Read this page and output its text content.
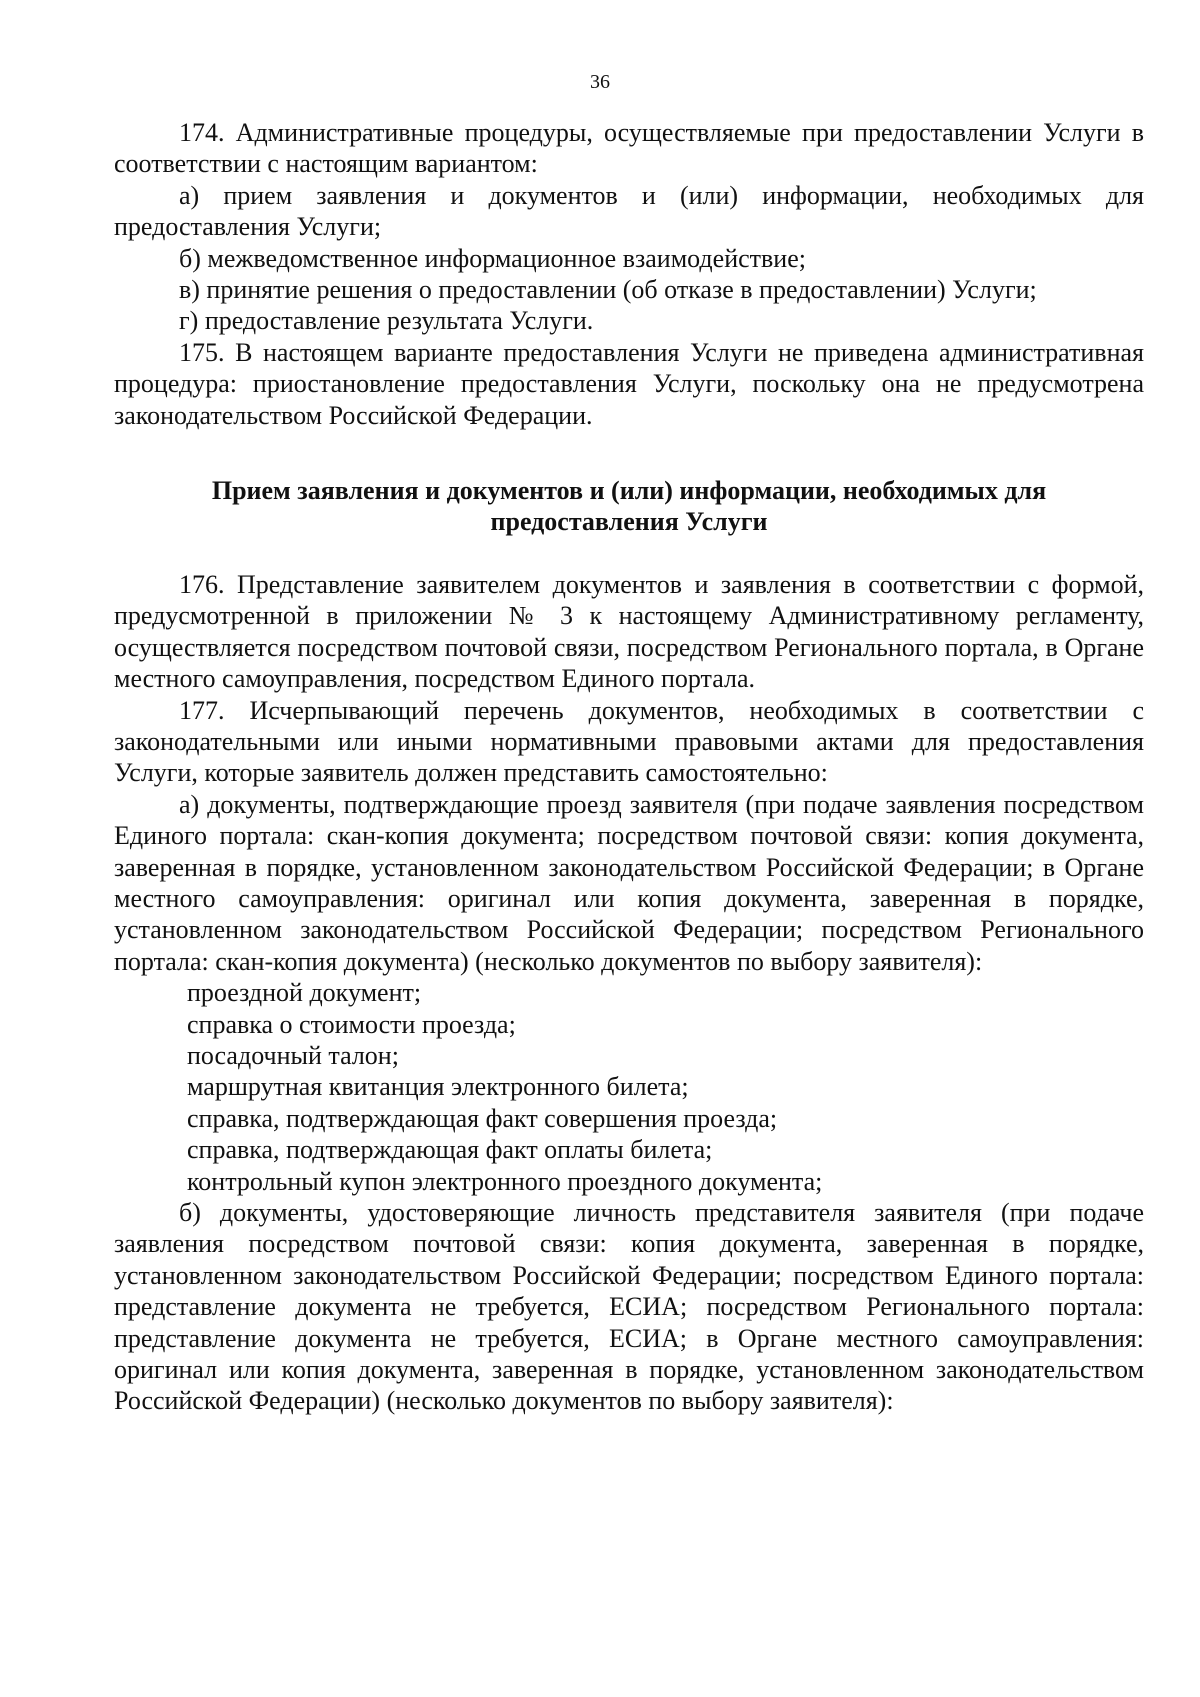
36

174. Административные процедуры, осуществляемые при предоставлении Услуги в соответствии с настоящим вариантом:

а) прием заявления и документов и (или) информации, необходимых для предоставления Услуги;

б) межведомственное информационное взаимодействие;

в) принятие решения о предоставлении (об отказе в предоставлении) Услуги;

г) предоставление результата Услуги.

175. В настоящем варианте предоставления Услуги не приведена административная процедура: приостановление предоставления Услуги, поскольку она не предусмотрена законодательством Российской Федерации.

Прием заявления и документов и (или) информации, необходимых для
предоставления Услуги

176. Представление заявителем документов и заявления в соответствии с формой, предусмотренной в приложении № 3 к настоящему Административному регламенту, осуществляется посредством почтовой связи, посредством Регионального портала, в Органе местного самоуправления, посредством Единого портала.

177. Исчерпывающий перечень документов, необходимых в соответствии с законодательными или иными нормативными правовыми актами для предоставления Услуги, которые заявитель должен представить самостоятельно:

а) документы, подтверждающие проезд заявителя (при подаче заявления посредством Единого портала: скан-копия документа; посредством почтовой связи: копия документа, заверенная в порядке, установленном законодательством Российской Федерации; в Органе местного самоуправления: оригинал или копия документа, заверенная в порядке, установленном законодательством Российской Федерации; посредством Регионального портала: скан-копия документа) (несколько документов по выбору заявителя):

проездной документ;

справка о стоимости проезда;

посадочный талон;

маршрутная квитанция электронного билета;

справка, подтверждающая факт совершения проезда;

справка, подтверждающая факт оплаты билета;

контрольный купон электронного проездного документа;

б) документы, удостоверяющие личность представителя заявителя (при подаче заявления посредством почтовой связи: копия документа, заверенная в порядке, установленном законодательством Российской Федерации; посредством Единого портала: представление документа не требуется, ЕСИА; посредством Регионального портала: представление документа не требуется, ЕСИА; в Органе местного самоуправления: оригинал или копия документа, заверенная в порядке, установленном законодательством Российской Федерации) (несколько документов по выбору заявителя):
